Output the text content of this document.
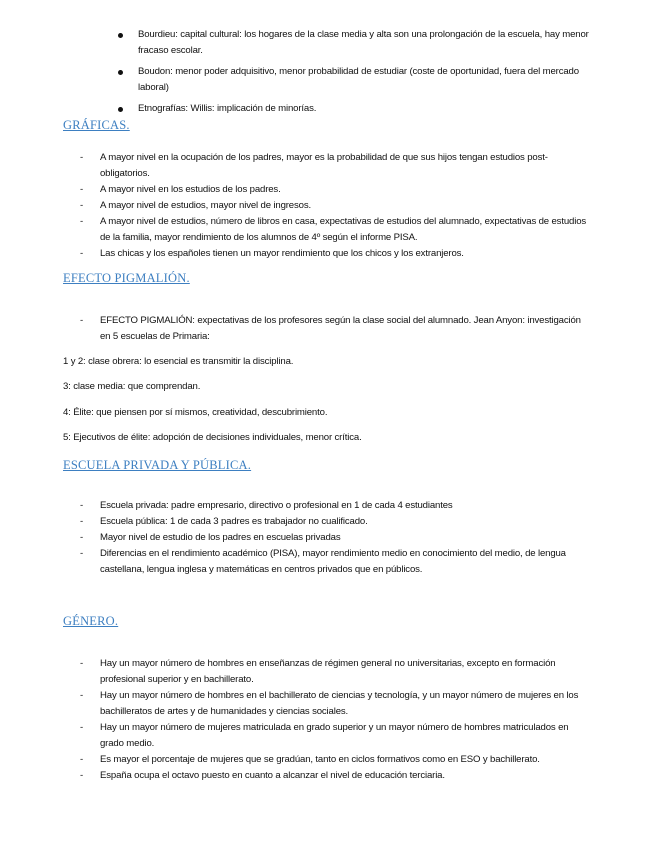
Bourdieu: capital cultural: los hogares de la clase media y alta son una prolongación de la escuela, hay menor fracaso escolar.
Boudon: menor poder adquisitivo, menor probabilidad de estudiar (coste de oportunidad, fuera del mercado laboral)
Etnografías: Willis: implicación de minorías.
GRÁFICAS.
- A mayor nivel en la ocupación de los padres, mayor es la probabilidad de que sus hijos tengan estudios post-obligatorios.
- A mayor nivel en los estudios de los padres.
- A mayor nivel de estudios, mayor nivel de ingresos.
- A mayor nivel de estudios, número de libros en casa, expectativas de estudios del alumnado, expectativas de estudios de la familia, mayor rendimiento de los alumnos de 4º según el informe PISA.
- Las chicas y los españoles tienen un mayor rendimiento que los chicos y los extranjeros.
EFECTO PIGMALIÓN.
- EFECTO PIGMALIÓN: expectativas de los profesores según la clase social del alumnado. Jean Anyon: investigación en 5 escuelas de Primaria:
1 y 2: clase obrera: lo esencial es transmitir la disciplina.
3: clase media: que comprendan.
4: Élite: que piensen por sí mismos, creatividad, descubrimiento.
5: Ejecutivos de élite: adopción de decisiones individuales, menor crítica.
ESCUELA PRIVADA Y PÚBLICA.
- Escuela privada: padre empresario, directivo o profesional en 1 de cada 4 estudiantes
- Escuela pública: 1 de cada 3 padres es trabajador no cualificado.
- Mayor nivel de estudio de los padres en escuelas privadas
- Diferencias en el rendimiento académico (PISA), mayor rendimiento medio en conocimiento del medio, de lengua castellana, lengua inglesa y matemáticas en centros privados que en públicos.
GÉNERO.
- Hay un mayor número de hombres en enseñanzas de régimen general no universitarias, excepto en formación profesional superior y en bachillerato.
- Hay un mayor número de hombres en el bachillerato de ciencias y tecnología, y un mayor número de mujeres en los bachilleratos de artes y de humanidades y ciencias sociales.
- Hay un mayor número de mujeres matriculada en grado superior y un mayor número de hombres matriculados en grado medio.
- Es mayor el porcentaje de mujeres que se gradúan, tanto en ciclos formativos como en ESO y bachillerato.
- España ocupa el octavo puesto en cuanto a alcanzar el nivel de educación terciaria.
